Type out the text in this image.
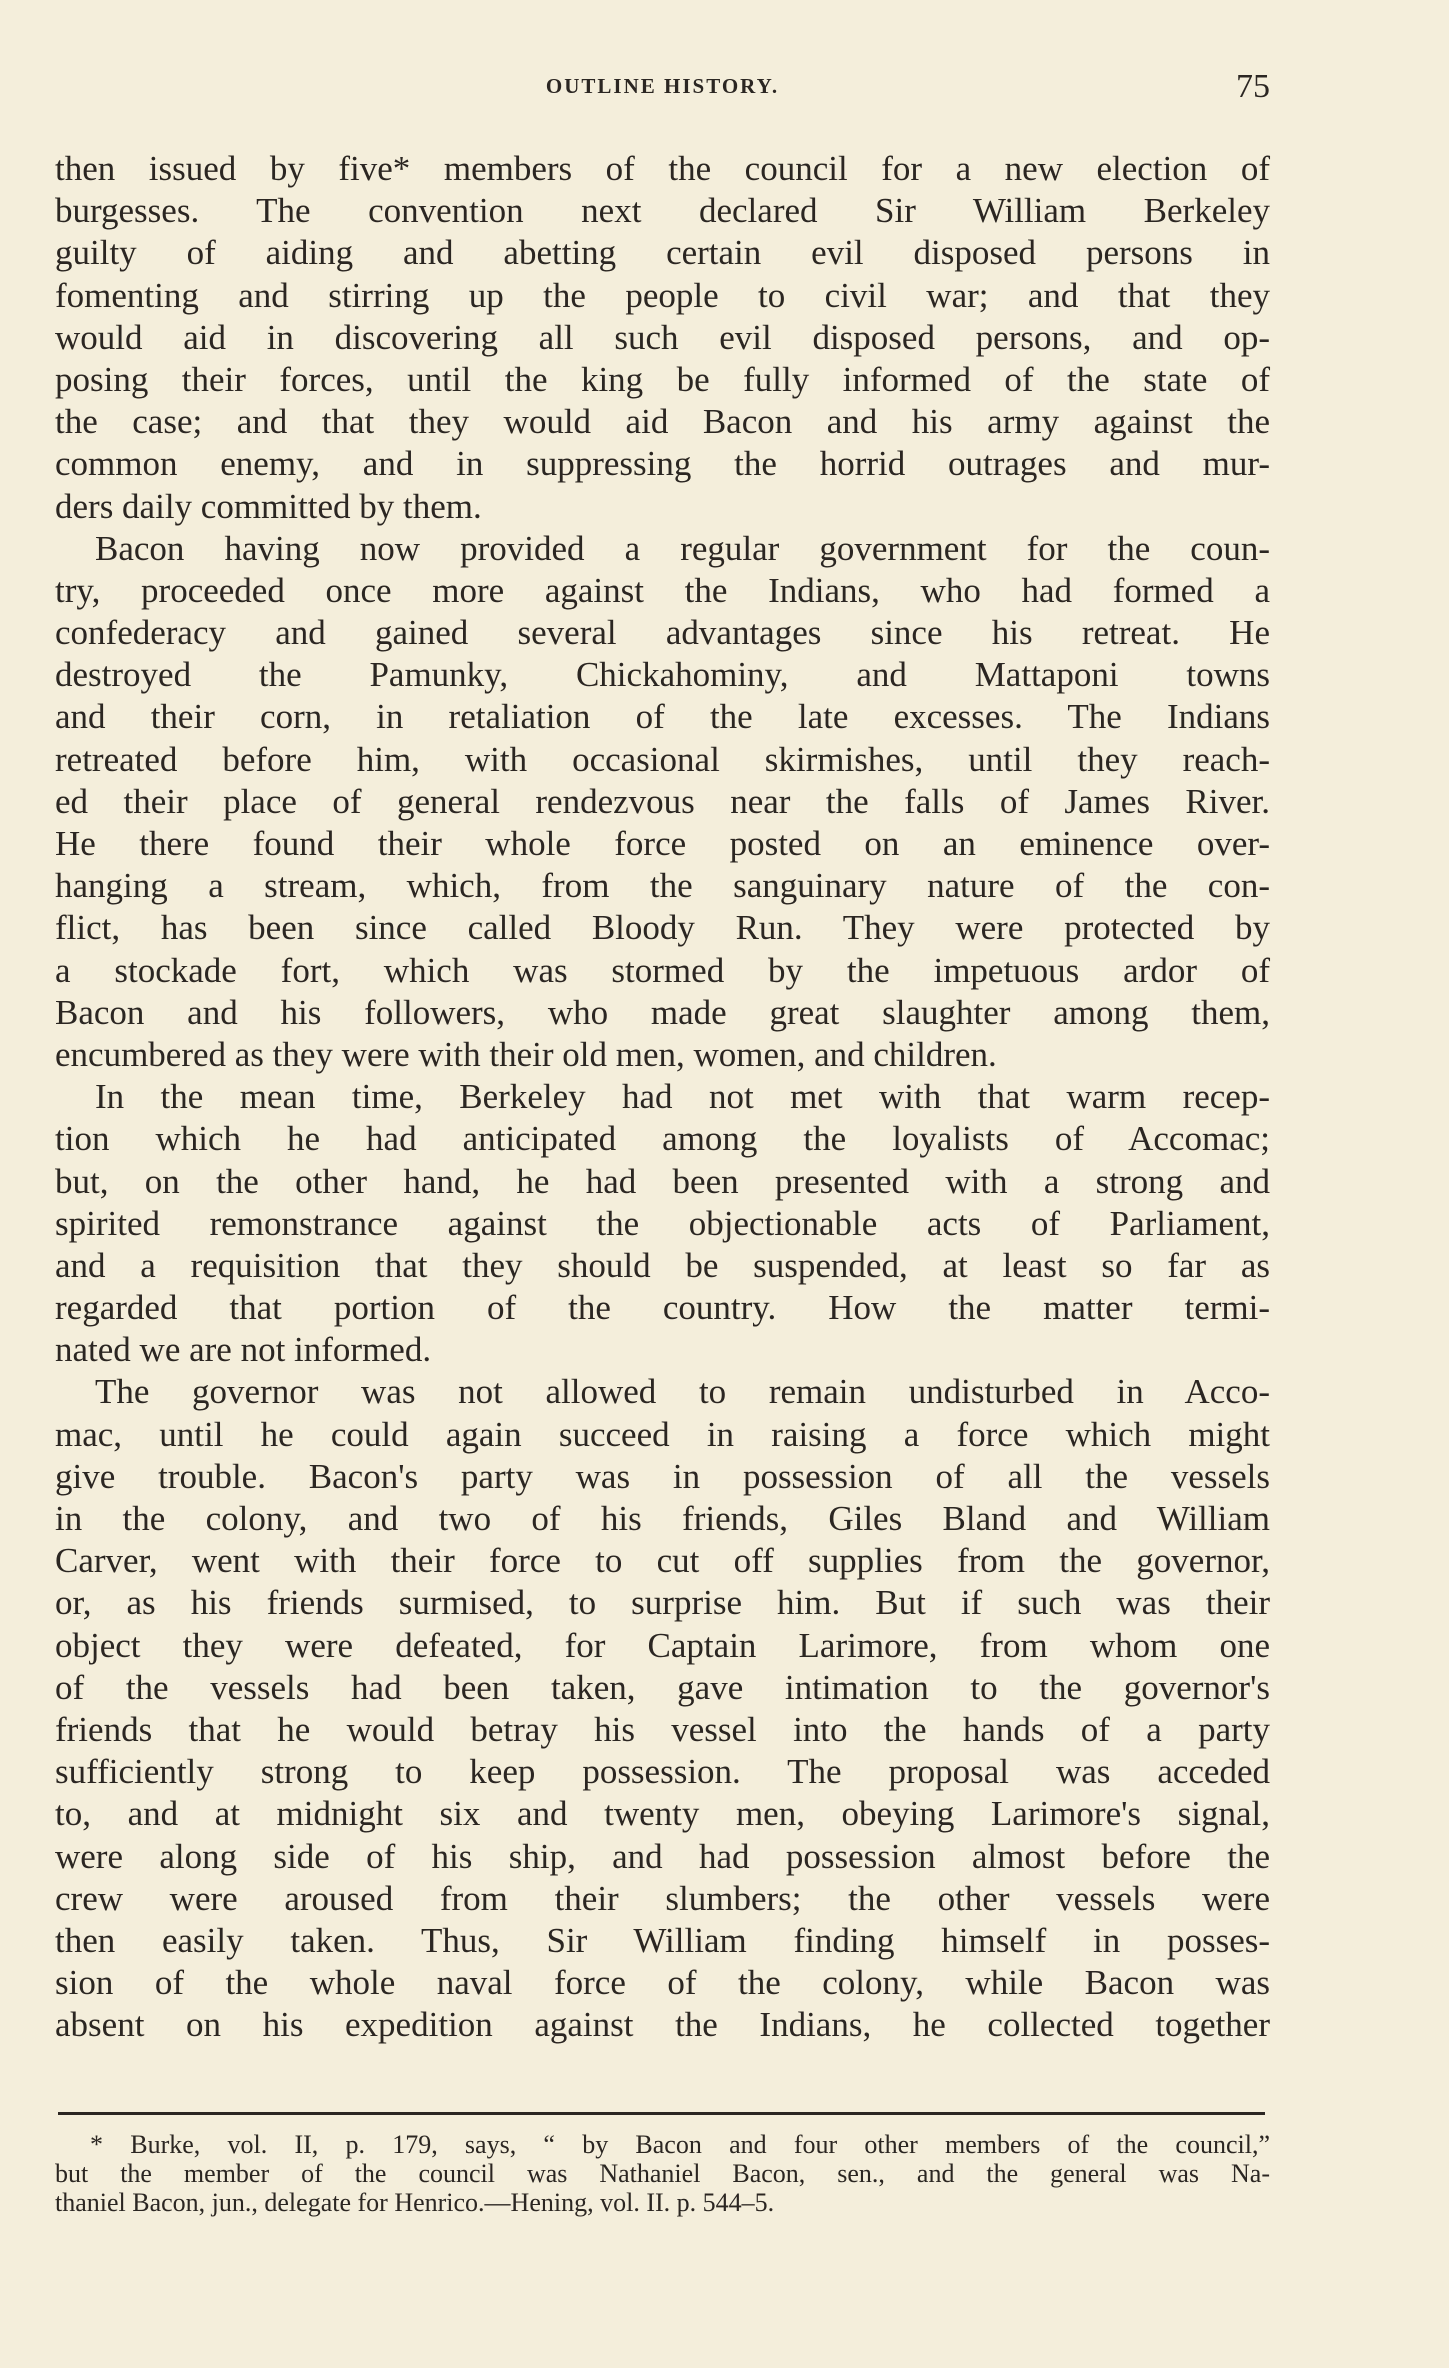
OUTLINE HISTORY.	75
then issued by five* members of the council for a new election of
burgesses. The convention next declared Sir William Berkeley
guilty of aiding and abetting certain evil disposed persons in
fomenting and stirring up the people to civil war; and that they
would aid in discovering all such evil disposed persons, and op-
posing their forces, until the king be fully informed of the state of
the case; and that they would aid Bacon and his army against the
common enemy, and in suppressing the horrid outrages and mur-
ders daily committed by them.
Bacon having now provided a regular government for the coun-
try, proceeded once more against the Indians, who had formed a
confederacy and gained several advantages since his retreat. He
destroyed the Pamunky, Chickahominy, and Mattaponi towns
and their corn, in retaliation of the late excesses. The Indians
retreated before him, with occasional skirmishes, until they reach-
ed their place of general rendezvous near the falls of James River.
He there found their whole force posted on an eminence over-
hanging a stream, which, from the sanguinary nature of the con-
flict, has been since called Bloody Run. They were protected by
a stockade fort, which was stormed by the impetuous ardor of
Bacon and his followers, who made great slaughter among them,
encumbered as they were with their old men, women, and children.
In the mean time, Berkeley had not met with that warm recep-
tion which he had anticipated among the loyalists of Accomac;
but, on the other hand, he had been presented with a strong and
spirited remonstrance against the objectionable acts of Parliament,
and a requisition that they should be suspended, at least so far as
regarded that portion of the country. How the matter termi-
nated we are not informed.
The governor was not allowed to remain undisturbed in Acco-
mac, until he could again succeed in raising a force which might
give trouble. Bacon's party was in possession of all the vessels
in the colony, and two of his friends, Giles Bland and William
Carver, went with their force to cut off supplies from the governor,
or, as his friends surmised, to surprise him. But if such was their
object they were defeated, for Captain Larimore, from whom one
of the vessels had been taken, gave intimation to the governor's
friends that he would betray his vessel into the hands of a party
sufficiently strong to keep possession. The proposal was acceded
to, and at midnight six and twenty men, obeying Larimore's signal,
were along side of his ship, and had possession almost before the
crew were aroused from their slumbers; the other vessels were
then easily taken. Thus, Sir William finding himself in posses-
sion of the whole naval force of the colony, while Bacon was
absent on his expedition against the Indians, he collected together
* Burke, vol. II, p. 179, says, “ by Bacon and four other members of the council,”
but the member of the council was Nathaniel Bacon, sen., and the general was Na-
thaniel Bacon, jun., delegate for Henrico.—Hening, vol. II. p. 544–5.
